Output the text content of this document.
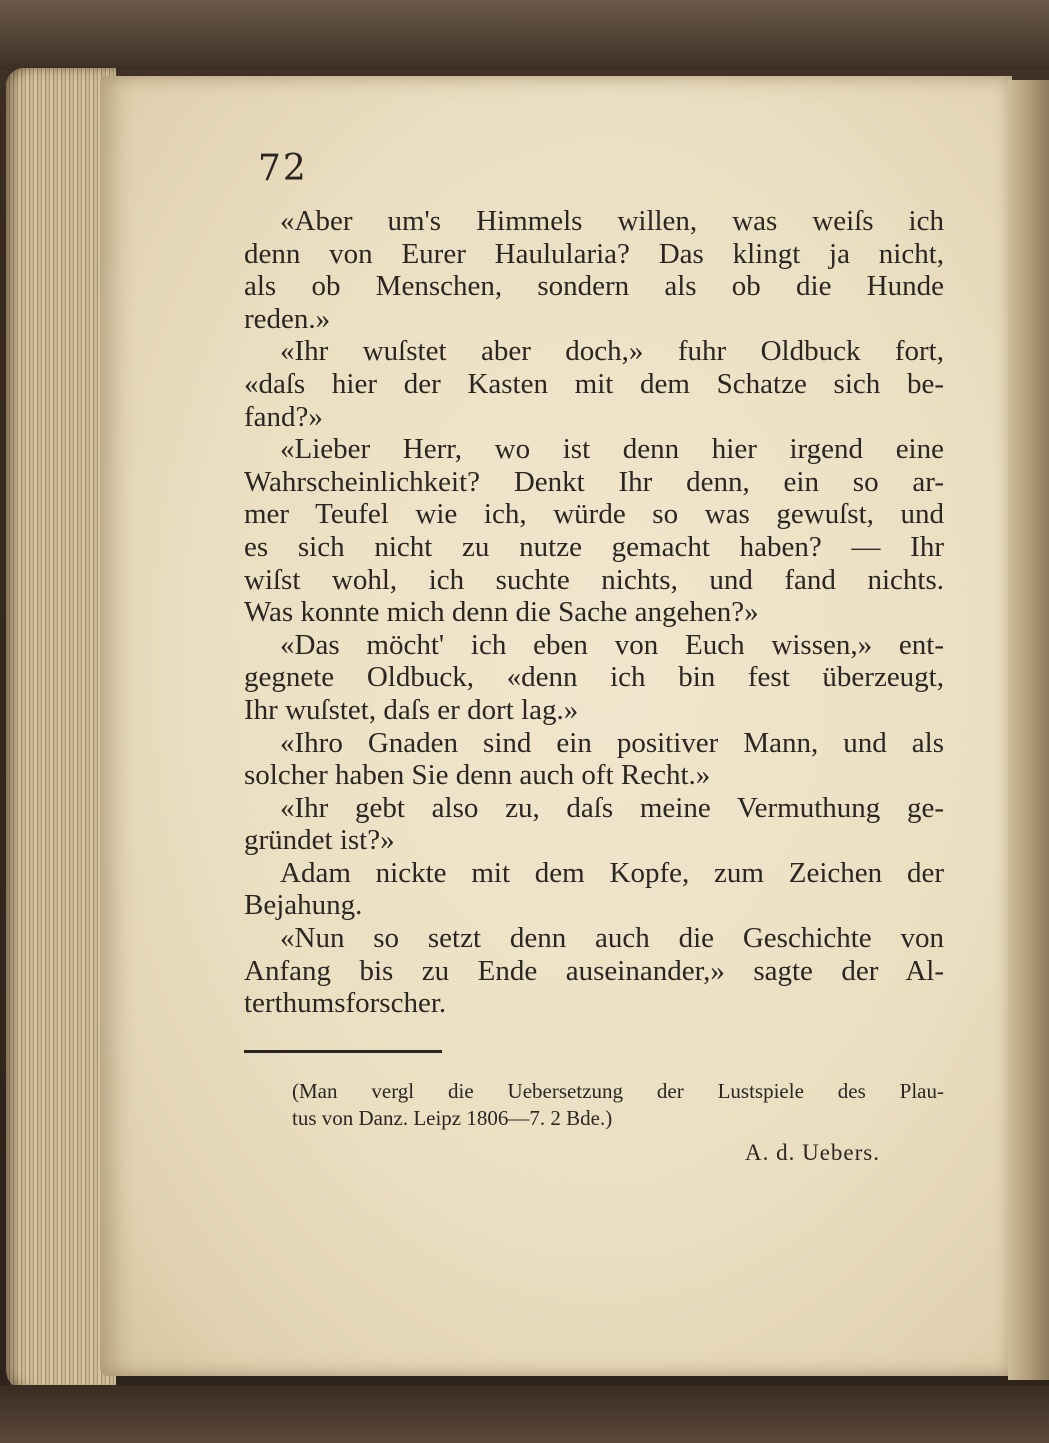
72
«Aber um's Himmels willen, was weiſs ich
denn von Eurer Haulularia? Das klingt ja nicht,
als ob Menschen, sondern als ob die Hunde
reden.»
«Ihr wuſstet aber doch,» fuhr Oldbuck fort,
«daſs hier der Kasten mit dem Schatze sich be-
fand?»
«Lieber Herr, wo ist denn hier irgend eine
Wahrscheinlichkeit? Denkt Ihr denn, ein so ar-
mer Teufel wie ich, würde so was gewuſst, und
es sich nicht zu nutze gemacht haben? — Ihr
wiſst wohl, ich suchte nichts, und fand nichts.
Was konnte mich denn die Sache angehen?»
«Das möcht' ich eben von Euch wissen,» ent-
gegnete Oldbuck, «denn ich bin fest überzeugt,
Ihr wuſstet, daſs er dort lag.»
«Ihro Gnaden sind ein positiver Mann, und als
solcher haben Sie denn auch oft Recht.»
«Ihr gebt also zu, daſs meine Vermuthung ge-
gründet ist?»
Adam nickte mit dem Kopfe, zum Zeichen der
Bejahung.
«Nun so setzt denn auch die Geschichte von
Anfang bis zu Ende auseinander,» sagte der Al-
terthumsforscher.
(Man vergl die Uebersetzung der Lustspiele des Plau-
tus von Danz. Leipz 1806—7. 2 Bde.)
A. d. Uebers.
